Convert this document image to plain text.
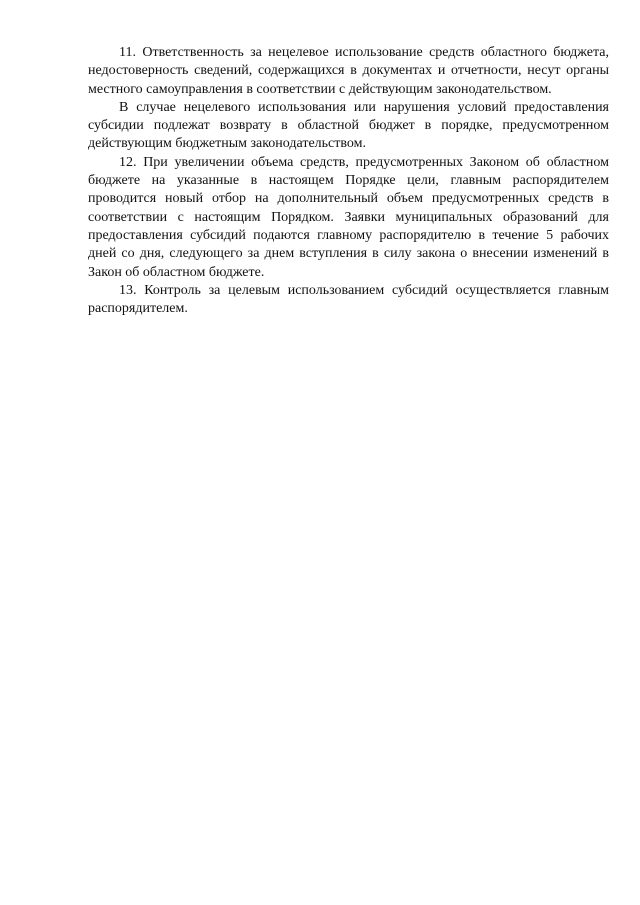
11. Ответственность за нецелевое использование средств областного бюджета, недостоверность сведений, содержащихся в документах и отчетности, несут органы местного самоуправления в соответствии с действующим законодательством.

В случае нецелевого использования или нарушения условий предоставления субсидии подлежат возврату в областной бюджет в порядке, предусмотренном действующим бюджетным законодательством.

12. При увеличении объема средств, предусмотренных Законом об областном бюджете на указанные в настоящем Порядке цели, главным распорядителем проводится новый отбор на дополнительный объем предусмотренных средств в соответствии с настоящим Порядком. Заявки муниципальных образований для предоставления субсидий подаются главному распорядителю в течение 5 рабочих дней со дня, следующего за днем вступления в силу закона о внесении изменений в Закон об областном бюджете.

13. Контроль за целевым использованием субсидий осуществляется главным распорядителем.
